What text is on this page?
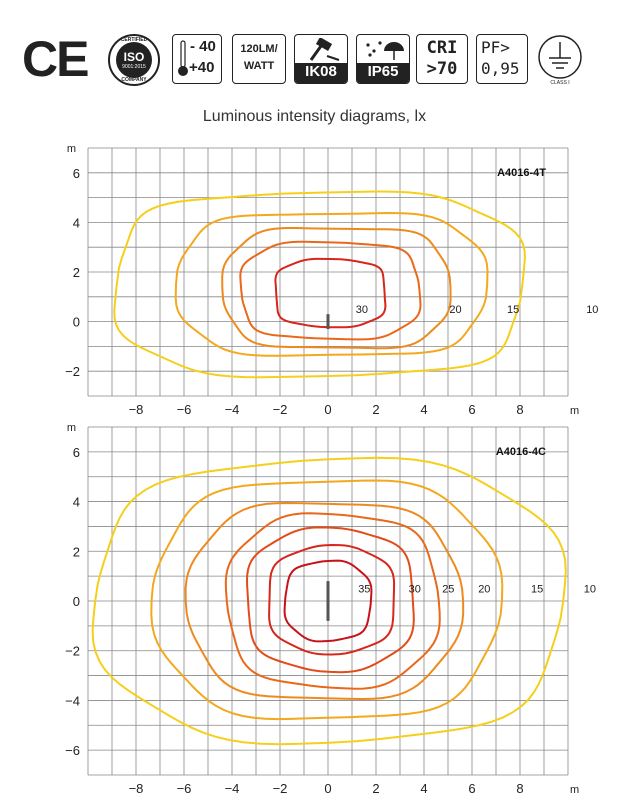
CE	CERTIFIED
ISO
9001:2015
COMPANY
- 40
+40
120LM/
WATT	IK08	IP65
CRI
>70
PF>
0,95
CLASS I
Luminous intensity diagrams, lx
−8	−6	−4	−2	0	2	4	6	8
−2
0
2
4
6
m
m
A4016-4T
30	20	15	10
−8	−6	−4	−2	0	2	4	6	8
−6
−4
−2
0
2
4
6
m
m
A4016-4C
35	30 25 20	15	10
